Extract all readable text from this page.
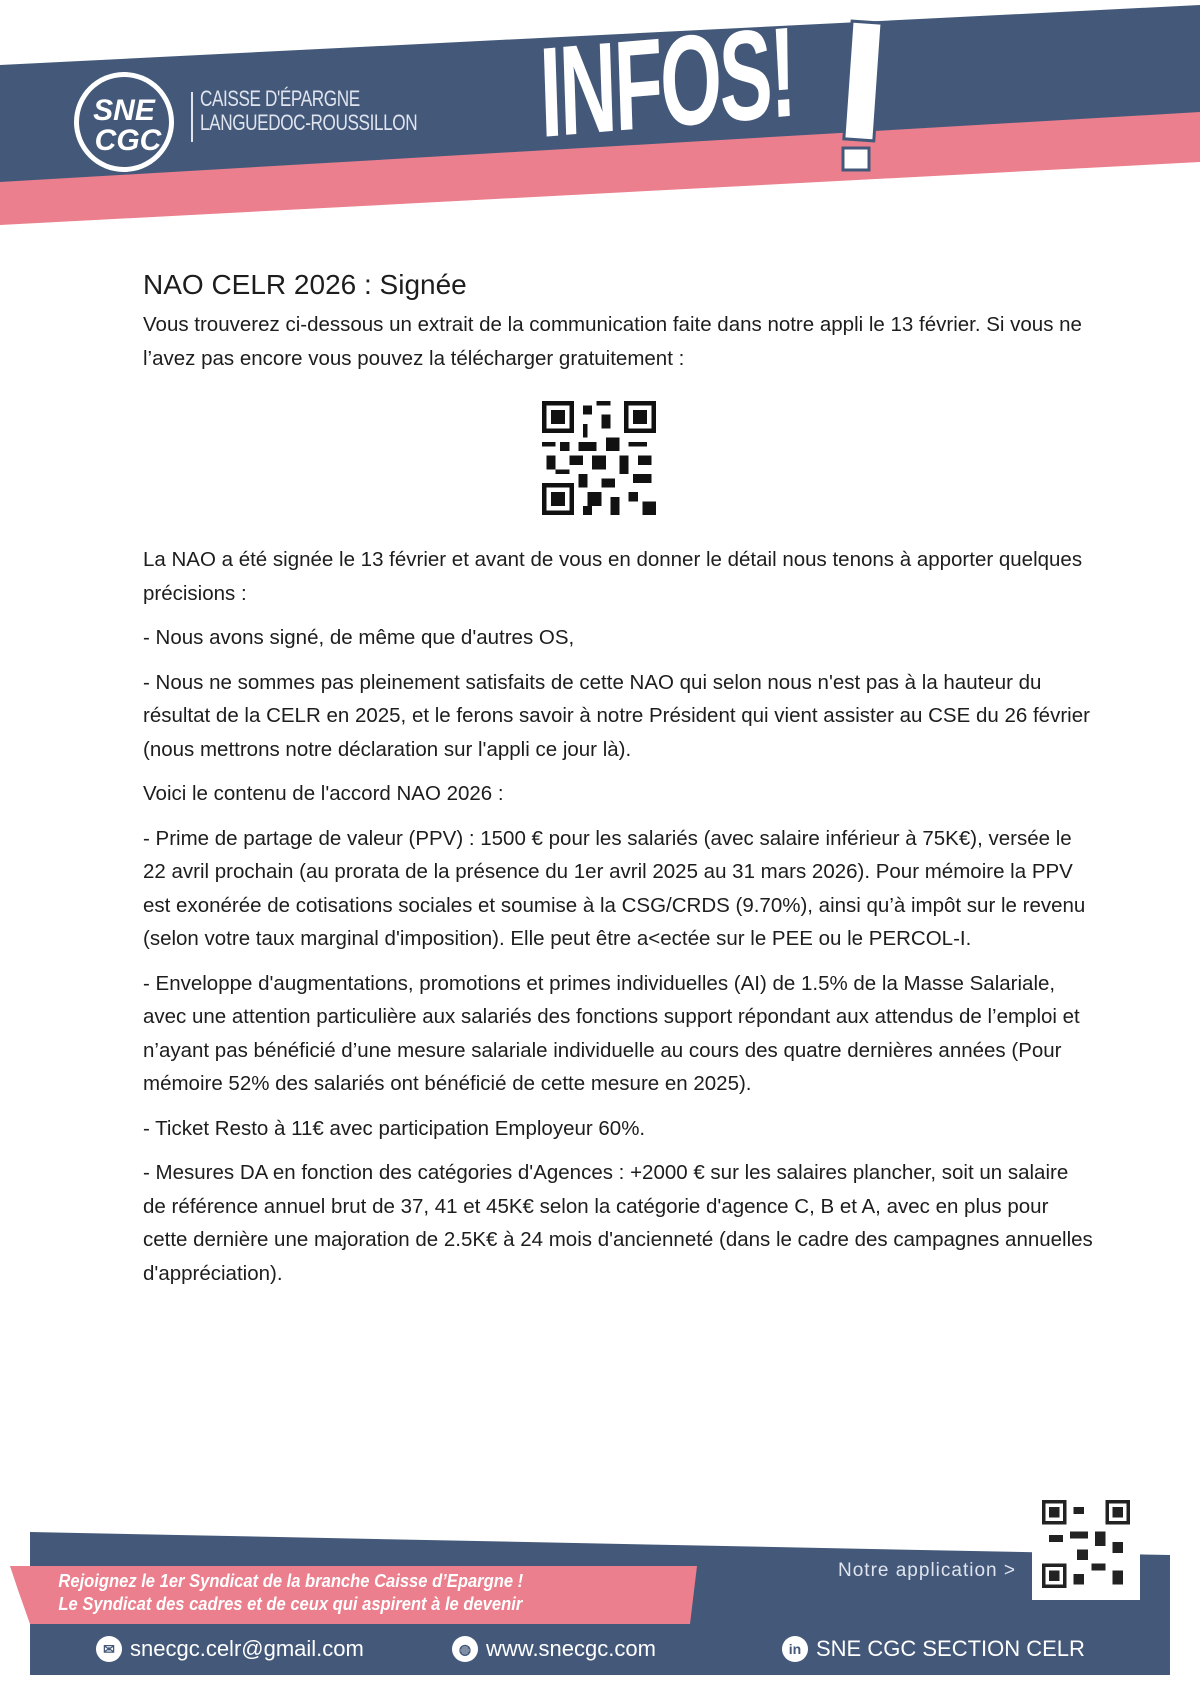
SNE
CGC
CAISSE D'ÉPARGNE
LANGUEDOC-ROUSSILLON INFOS!
NAO CELR 2026 : Signée

Vous trouverez ci-dessous un extrait de la communication faite dans notre appli le 13 février. Si vous ne l’avez pas encore vous pouvez la télécharger gratuitement :

La NAO a été signée le 13 février et avant de vous en donner le détail nous tenons à apporter quelques précisions :

- Nous avons signé, de même que d'autres OS,

- Nous ne sommes pas pleinement satisfaits de cette NAO qui selon nous n'est pas à la hauteur du résultat de la CELR en 2025, et le ferons savoir à notre Président qui vient assister au CSE du 26 février (nous mettrons notre déclaration sur l'appli ce jour là).

Voici le contenu de l'accord NAO 2026 :

- Prime de partage de valeur (PPV) : 1500 € pour les salariés (avec salaire inférieur à 75K€), versée le 22 avril prochain (au prorata de la présence du 1er avril 2025 au 31 mars 2026). Pour mémoire la PPV est exonérée de cotisations sociales et soumise à la CSG/CRDS (9.70%), ainsi qu’à impôt sur le revenu (selon votre taux marginal d'imposition). Elle peut être a<ectée sur le PEE ou le PERCOL-I.

- Enveloppe d'augmentations, promotions et primes individuelles (AI) de 1.5% de la Masse Salariale, avec une attention particulière aux salariés des fonctions support répondant aux attendus de l’emploi et n’ayant pas bénéficié d’une mesure salariale individuelle au cours des quatre dernières années (Pour mémoire 52% des salariés ont bénéficié de cette mesure en 2025).

- Ticket Resto à 11€ avec participation Employeur 60%.

- Mesures DA en fonction des catégories d'Agences : +2000 € sur les salaires plancher, soit un salaire de référence annuel brut de 37, 41 et 45K€ selon la catégorie d'agence C, B et A, avec en plus pour cette dernière une majoration de 2.5K€ à 24 mois d'ancienneté (dans le cadre des campagnes annuelles d'appréciation).

Rejoignez le 1er Syndicat de la branche Caisse d’Epargne !
Le Syndicat des cadres et de ceux qui aspirent à le devenir
Notre application >
✉ snecgc.celr@gmail.com	◍ www.snecgc.com	in SNE CGC SECTION CELR
